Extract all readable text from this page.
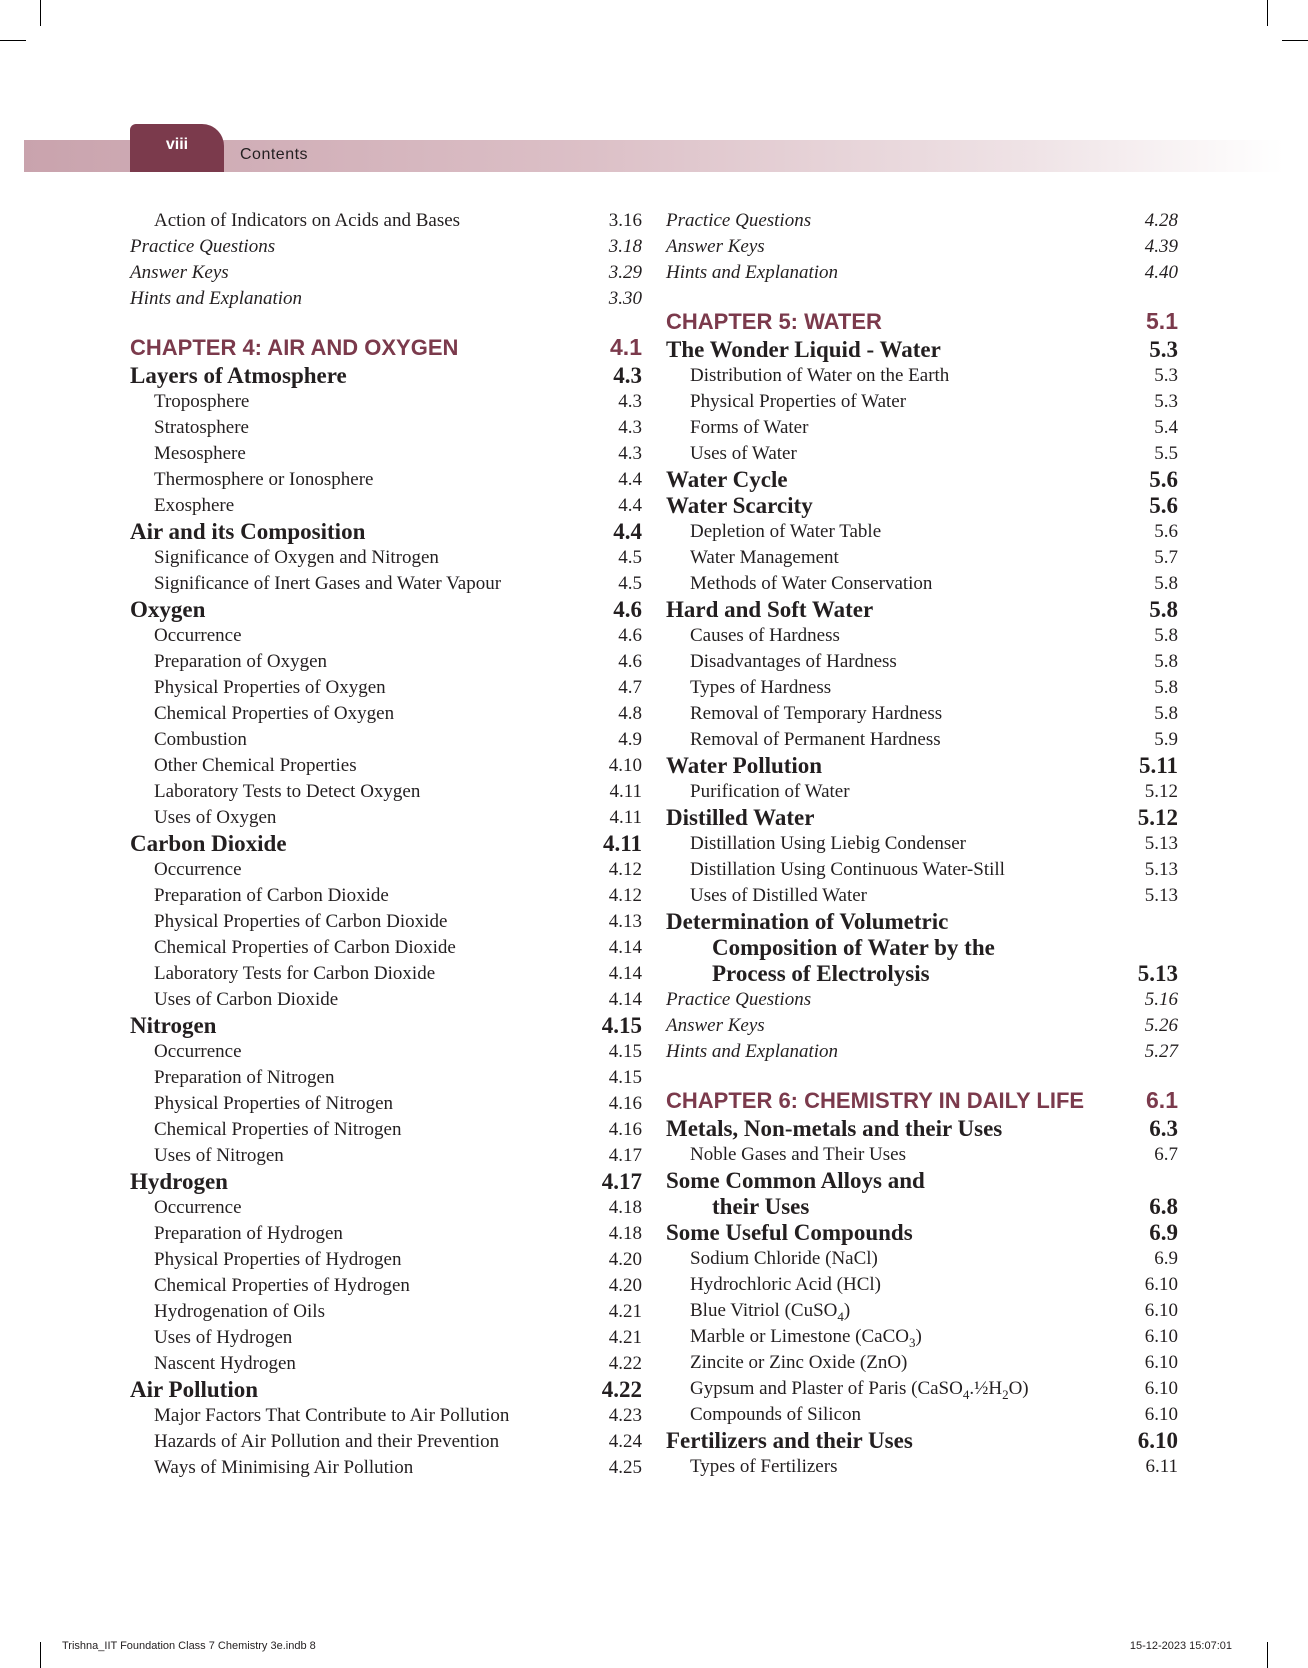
viii
Contents
Action of Indicators on Acids and Bases	3.16
Practice Questions	3.18
Answer Keys	3.29
Hints and Explanation	3.30
CHAPTER 4: AIR AND OXYGEN	4.1
Layers of Atmosphere	4.3
Troposphere	4.3
Stratosphere	4.3
Mesosphere	4.3
Thermosphere or Ionosphere	4.4
Exosphere	4.4
Air and its Composition	4.4
Significance of Oxygen and Nitrogen	4.5
Significance of Inert Gases and Water Vapour	4.5
Oxygen	4.6
Occurrence	4.6
Preparation of Oxygen	4.6
Physical Properties of Oxygen	4.7
Chemical Properties of Oxygen	4.8
Combustion	4.9
Other Chemical Properties	4.10
Laboratory Tests to Detect Oxygen	4.11
Uses of Oxygen	4.11
Carbon Dioxide	4.11
Occurrence	4.12
Preparation of Carbon Dioxide	4.12
Physical Properties of Carbon Dioxide	4.13
Chemical Properties of Carbon Dioxide	4.14
Laboratory Tests for Carbon Dioxide	4.14
Uses of Carbon Dioxide	4.14
Nitrogen	4.15
Occurrence	4.15
Preparation of Nitrogen	4.15
Physical Properties of Nitrogen	4.16
Chemical Properties of Nitrogen	4.16
Uses of Nitrogen	4.17
Hydrogen	4.17
Occurrence	4.18
Preparation of Hydrogen	4.18
Physical Properties of Hydrogen	4.20
Chemical Properties of Hydrogen	4.20
Hydrogenation of Oils	4.21
Uses of Hydrogen	4.21
Nascent Hydrogen	4.22
Air Pollution	4.22
Major Factors That Contribute to Air Pollution	4.23
Hazards of Air Pollution and their Prevention	4.24
Ways of Minimising Air Pollution	4.25
Practice Questions	4.28
Answer Keys	4.39
Hints and Explanation	4.40
CHAPTER 5: WATER	5.1
The Wonder Liquid - Water	5.3
Distribution of Water on the Earth	5.3
Physical Properties of Water	5.3
Forms of Water	5.4
Uses of Water	5.5
Water Cycle	5.6
Water Scarcity	5.6
Depletion of Water Table	5.6
Water Management	5.7
Methods of Water Conservation	5.8
Hard and Soft Water	5.8
Causes of Hardness	5.8
Disadvantages of Hardness	5.8
Types of Hardness	5.8
Removal of Temporary Hardness	5.8
Removal of Permanent Hardness	5.9
Water Pollution	5.11
Purification of Water	5.12
Distilled Water	5.12
Distillation Using Liebig Condenser	5.13
Distillation Using Continuous Water-Still	5.13
Uses of Distilled Water	5.13
Determination of Volumetric
Composition of Water by the
Process of Electrolysis	5.13
Practice Questions	5.16
Answer Keys	5.26
Hints and Explanation	5.27
CHAPTER 6: CHEMISTRY IN DAILY LIFE	6.1
Metals, Non-metals and their Uses	6.3
Noble Gases and Their Uses	6.7
Some Common Alloys and
their Uses	6.8
Some Useful Compounds	6.9
Sodium Chloride (NaCl)	6.9
Hydrochloric Acid (HCl)	6.10
Blue Vitriol (CuSO$_4$)	6.10
Marble or Limestone (CaCO$_3$)	6.10
Zincite or Zinc Oxide (ZnO)	6.10
Gypsum and Plaster of Paris $(CaSO_4.\frac{1}{2}H_2O)$	6.10
Compounds of Silicon	6.10
Fertilizers and their Uses	6.10
Types of Fertilizers	6.11
Trishna_IIT Foundation Class 7 Chemistry 3e.indb 8	15-12-2023 15:07:01
